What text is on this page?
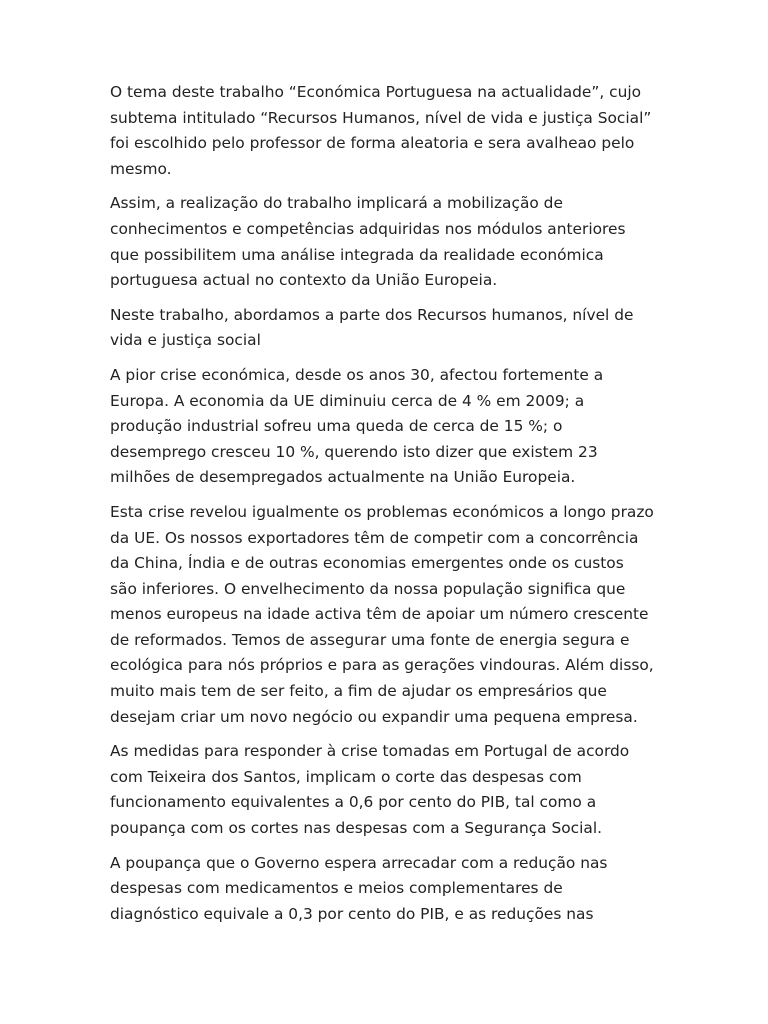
O tema deste trabalho “Económica Portuguesa na actualidade”, cujo
subtema intitulado “Recursos Humanos, nível de vida e justiça Social”
foi escolhido pelo professor de forma aleatoria e sera avalheao pelo
mesmo.

Assim, a realização do trabalho implicará a mobilização de
conhecimentos e competências adquiridas nos módulos anteriores
que possibilitem uma análise integrada da realidade económica
portuguesa actual no contexto da União Europeia.

Neste trabalho, abordamos a parte dos Recursos humanos, nível de
vida e justiça social

A pior crise económica, desde os anos 30, afectou fortemente a
Europa. A economia da UE diminuiu cerca de 4 % em 2009; a
produção industrial sofreu uma queda de cerca de 15 %; o
desemprego cresceu 10 %, querendo isto dizer que existem 23
milhões de desempregados actualmente na União Europeia.

Esta crise revelou igualmente os problemas económicos a longo prazo
da UE. Os nossos exportadores têm de competir com a concorrência
da China, Índia e de outras economias emergentes onde os custos
são inferiores. O envelhecimento da nossa população significa que
menos europeus na idade activa têm de apoiar um número crescente
de reformados. Temos de assegurar uma fonte de energia segura e
ecológica para nós próprios e para as gerações vindouras. Além disso,
muito mais tem de ser feito, a fim de ajudar os empresários que
desejam criar um novo negócio ou expandir uma pequena empresa.

As medidas para responder à crise tomadas em Portugal de acordo
com Teixeira dos Santos, implicam o corte das despesas com
funcionamento equivalentes a 0,6 por cento do PIB, tal como a
poupança com os cortes nas despesas com a Segurança Social.

A poupança que o Governo espera arrecadar com a redução nas
despesas com medicamentos e meios complementares de
diagnóstico equivale a 0,3 por cento do PIB, e as reduções nas
